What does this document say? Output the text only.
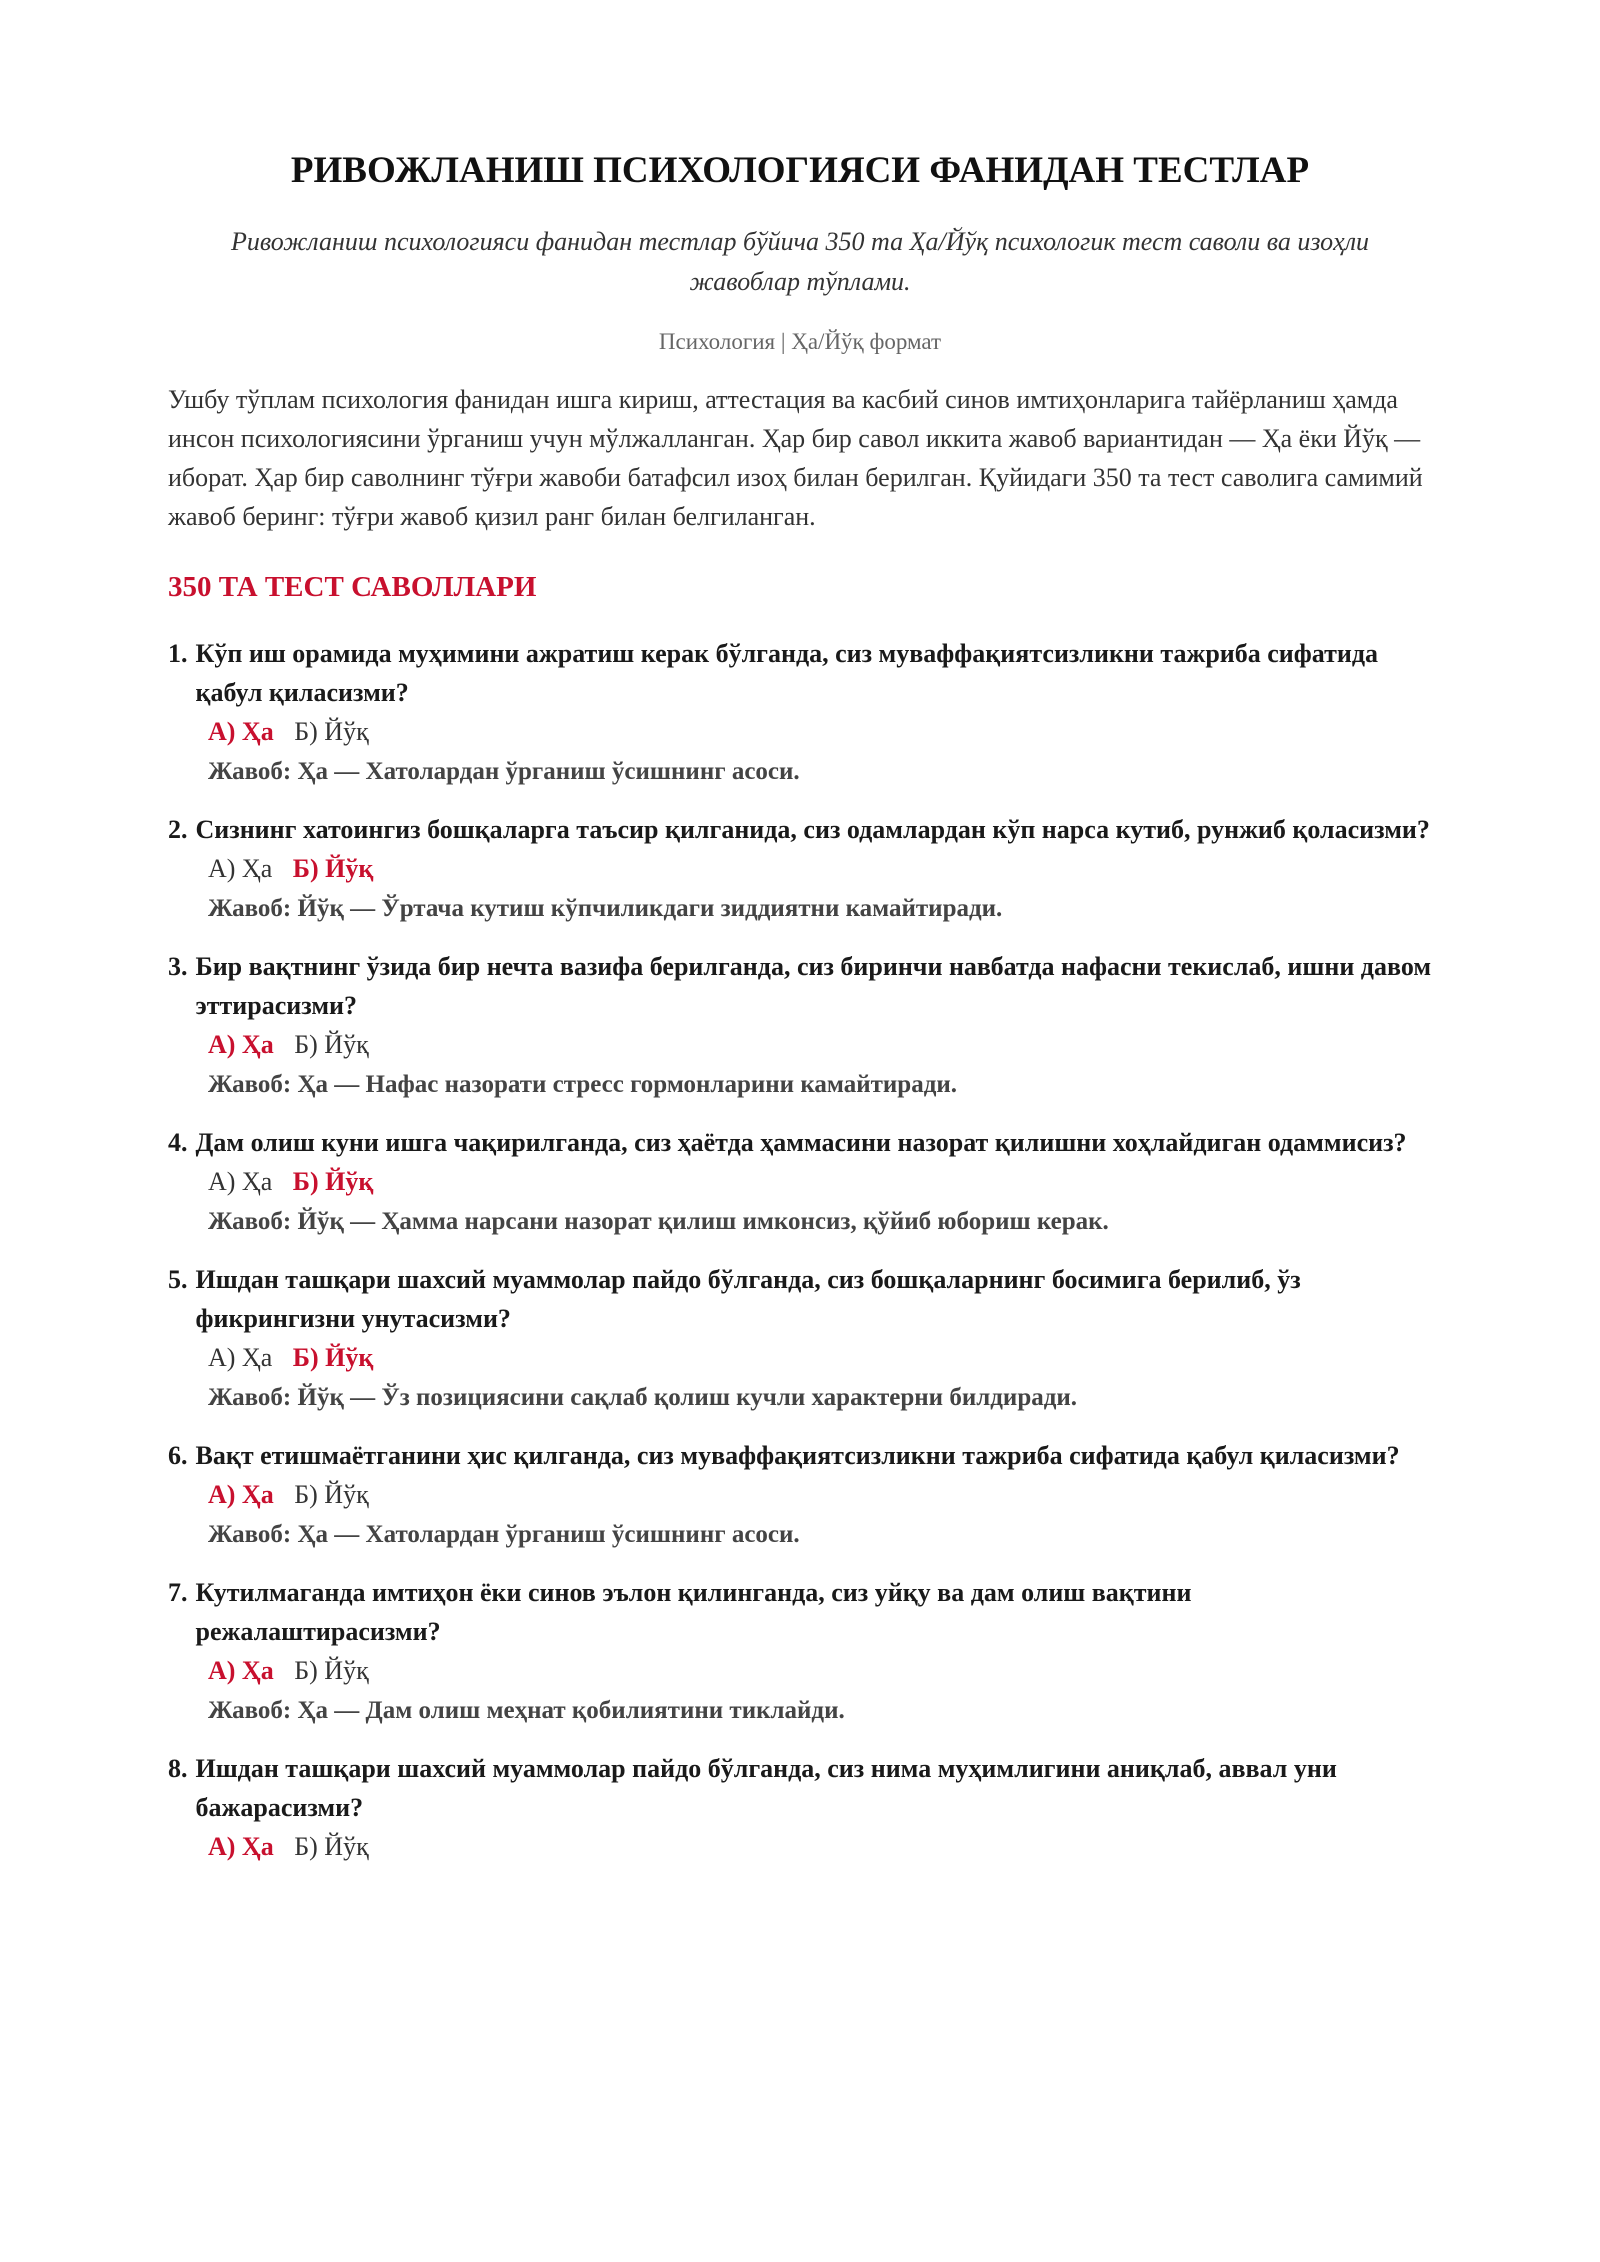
РИВОЖЛАНИШ ПСИХОЛОГИЯСИ ФАНИДАН ТЕСТЛАР

Ривожланиш психологияси фанидан тестлар бўйича 350 та Ҳа/Йўқ психологик тест саволи ва изоҳли жавоблар тўплами.

Психология | Ҳа/Йўқ формат

Ушбу тўплам психология фанидан ишга кириш, аттестация ва касбий синов имтиҳонларига тайёрланиш ҳамда инсон психологиясини ўрганиш учун мўлжалланган. Ҳар бир савол иккита жавоб вариантидан — Ҳа ёки Йўқ — иборат. Ҳар бир саволнинг тўғри жавоби батафсил изоҳ билан берилган. Қуйидаги 350 та тест саволига самимий жавоб беринг: тўғри жавоб қизил ранг билан белгиланган.

350 ТА ТЕСТ САВОЛЛАРИ
1. Кўп иш орамида муҳимини ажратиш керак бўлганда, сиз муваффақиятсизликни тажриба сифатида қабул қиласизми?
А) Ҳа Б) Йўқ
Жавоб: Ҳа — Хатолардан ўрганиш ўсишнинг асоси.
2. Сизнинг хатоингиз бошқаларга таъсир қилганида, сиз одамлардан кўп нарса кутиб, рунжиб қоласизми?
А) Ҳа Б) Йўқ
Жавоб: Йўқ — Ўртача кутиш кўпчиликдаги зиддиятни камайтиради.
3. Бир вақтнинг ўзида бир нечта вазифа берилганда, сиз биринчи навбатда нафасни текислаб, ишни давом эттирасизми?
А) Ҳа Б) Йўқ
Жавоб: Ҳа — Нафас назорати стресс гормонларини камайтиради.
4. Дам олиш куни ишга чақирилганда, сиз ҳаётда ҳаммасини назорат қилишни хоҳлайдиган одаммисиз?
А) Ҳа Б) Йўқ
Жавоб: Йўқ — Ҳамма нарсани назорат қилиш имконсиз, қўйиб юбориш керак.
5. Ишдан ташқари шахсий муаммолар пайдо бўлганда, сиз бошқаларнинг босимига берилиб, ўз фикрингизни унутасизми?
А) Ҳа Б) Йўқ
Жавоб: Йўқ — Ўз позициясини сақлаб қолиш кучли характерни билдиради.
6. Вақт етишмаётганини ҳис қилганда, сиз муваффақиятсизликни тажриба сифатида қабул қиласизми?
А) Ҳа Б) Йўқ
Жавоб: Ҳа — Хатолардан ўрганиш ўсишнинг асоси.
7. Кутилмаганда имтиҳон ёки синов эълон қилинганда, сиз уйқу ва дам олиш вақтини режалаштирасизми?
А) Ҳа Б) Йўқ
Жавоб: Ҳа — Дам олиш меҳнат қобилиятини тиклайди.
8. Ишдан ташқари шахсий муаммолар пайдо бўлганда, сиз нима муҳимлигини аниқлаб, аввал уни бажарасизми?
А) Ҳа Б) Йўқ
